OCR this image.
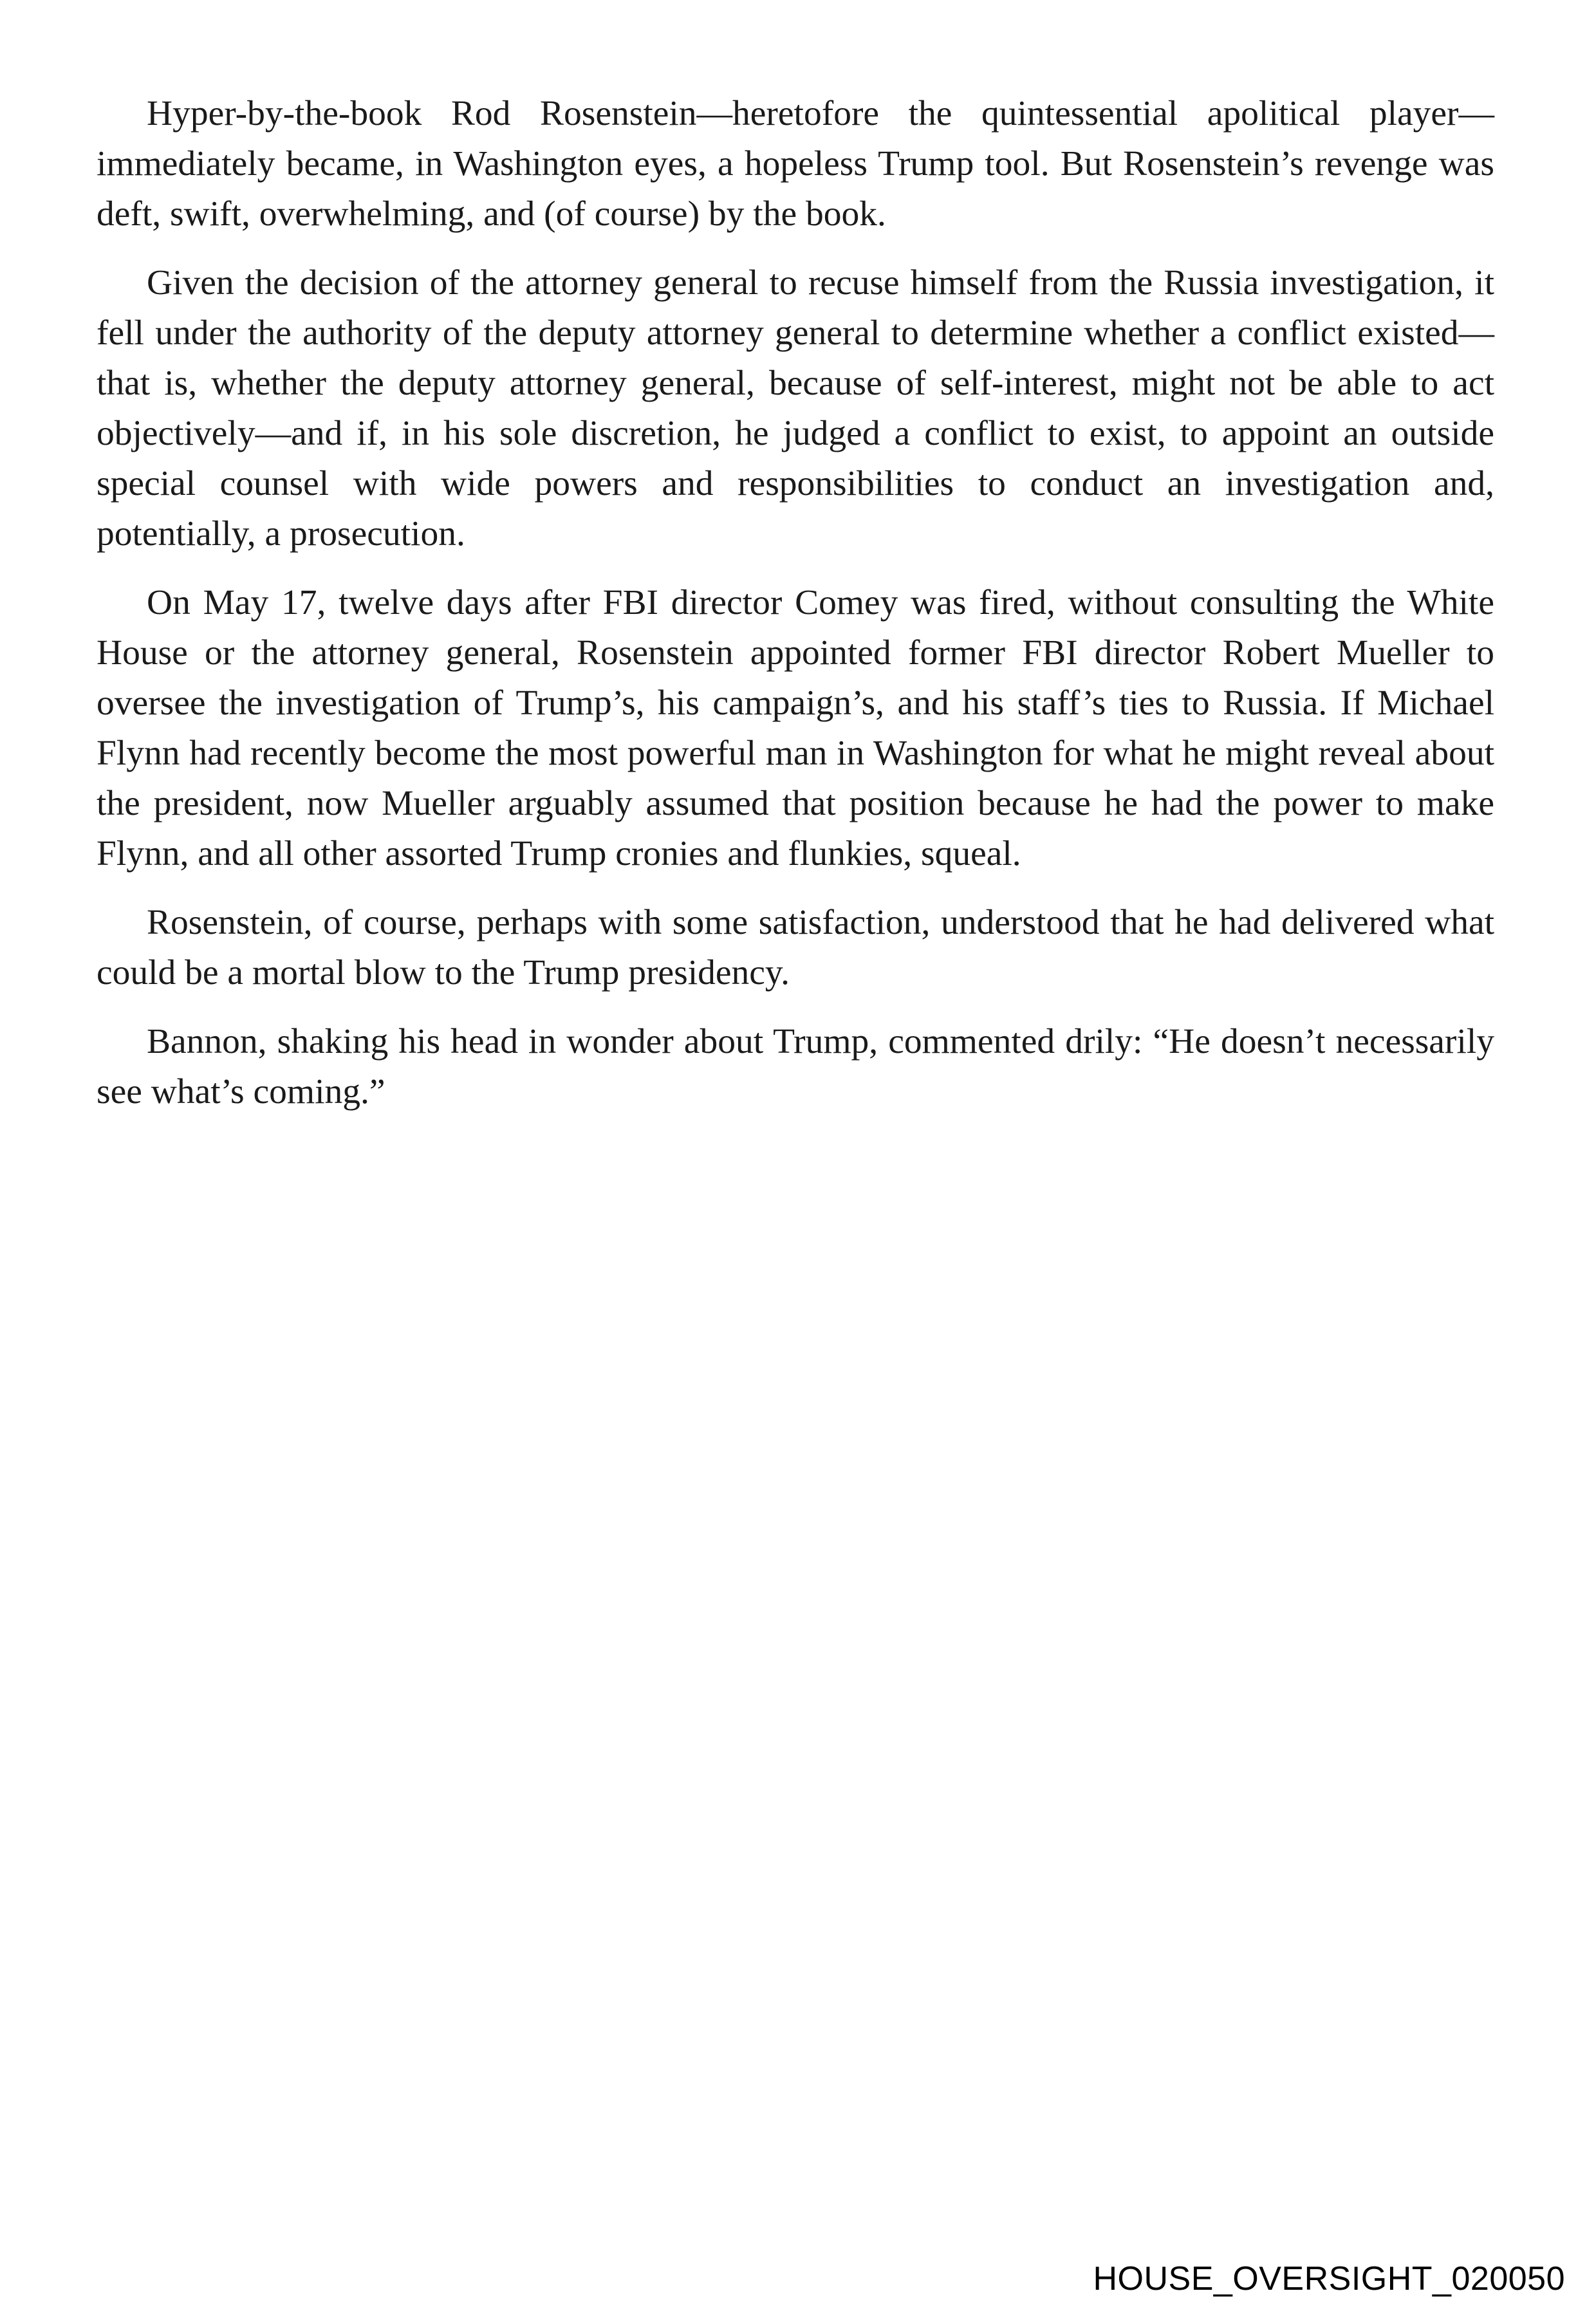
Hyper-by-the-book Rod Rosenstein—heretofore the quintessential apolitical player— immediately became, in Washington eyes, a hopeless Trump tool. But Rosenstein’s revenge was deft, swift, overwhelming, and (of course) by the book.

Given the decision of the attorney general to recuse himself from the Russia investigation, it fell under the authority of the deputy attorney general to determine whether a conflict existed—that is, whether the deputy attorney general, because of self-interest, might not be able to act objectively—and if, in his sole discretion, he judged a conflict to exist, to appoint an outside special counsel with wide powers and responsibilities to conduct an investigation and, potentially, a prosecution.

On May 17, twelve days after FBI director Comey was fired, without consulting the White House or the attorney general, Rosenstein appointed former FBI director Robert Mueller to oversee the investigation of Trump’s, his campaign’s, and his staff’s ties to Russia. If Michael Flynn had recently become the most powerful man in Washington for what he might reveal about the president, now Mueller arguably assumed that position because he had the power to make Flynn, and all other assorted Trump cronies and flunkies, squeal.

Rosenstein, of course, perhaps with some satisfaction, understood that he had delivered what could be a mortal blow to the Trump presidency.

Bannon, shaking his head in wonder about Trump, commented drily: “He doesn’t necessarily see what’s coming.”

HOUSE_OVERSIGHT_020050
